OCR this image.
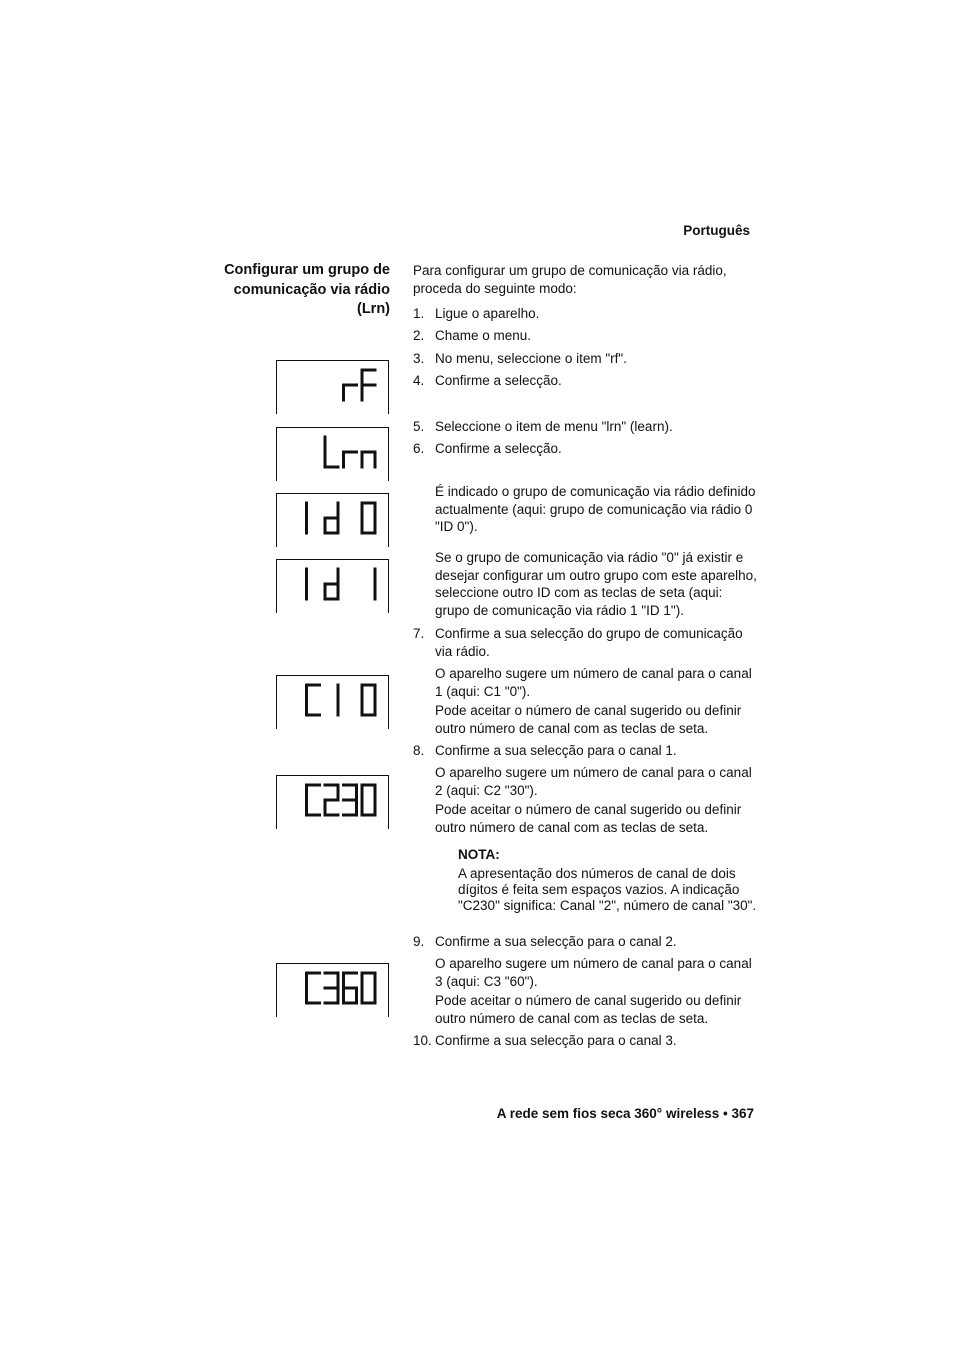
Português
Configurar um grupo de
comunicação via rádio
(Lrn)
Para configurar um grupo de comunicação via rádio, proceda do seguinte modo:
1. Ligue o aparelho.
2. Chame o menu.
3. No menu, seleccione o item "rf".
4. Confirme a selecção.
5. Seleccione o item de menu "lrn" (learn).
6. Confirme a selecção.
É indicado o grupo de comunicação via rádio definido actualmente (aqui: grupo de comunicação via rádio 0 "ID 0").
Se o grupo de comunicação via rádio "0" já existir e desejar configurar um outro grupo com este aparelho, seleccione outro ID com as teclas de seta (aqui: grupo de comunicação via rádio 1 "ID 1").
7. Confirme a sua selecção do grupo de comunicação via rádio.
O aparelho sugere um número de canal para o canal 1 (aqui: C1 "0").
Pode aceitar o número de canal sugerido ou definir outro número de canal com as teclas de seta.
8. Confirme a sua selecção para o canal 1.
O aparelho sugere um número de canal para o canal 2 (aqui: C2 "30").
Pode aceitar o número de canal sugerido ou definir outro número de canal com as teclas de seta.
NOTA:
A apresentação dos números de canal de dois dígitos é feita sem espaços vazios. A indicação "C230" significa: Canal "2", número de canal "30".
9. Confirme a sua selecção para o canal 2.
O aparelho sugere um número de canal para o canal 3 (aqui: C3 "60").
Pode aceitar o número de canal sugerido ou definir outro número de canal com as teclas de seta.
10. Confirme a sua selecção para o canal 3.
A rede sem fios seca 360° wireless • 367
